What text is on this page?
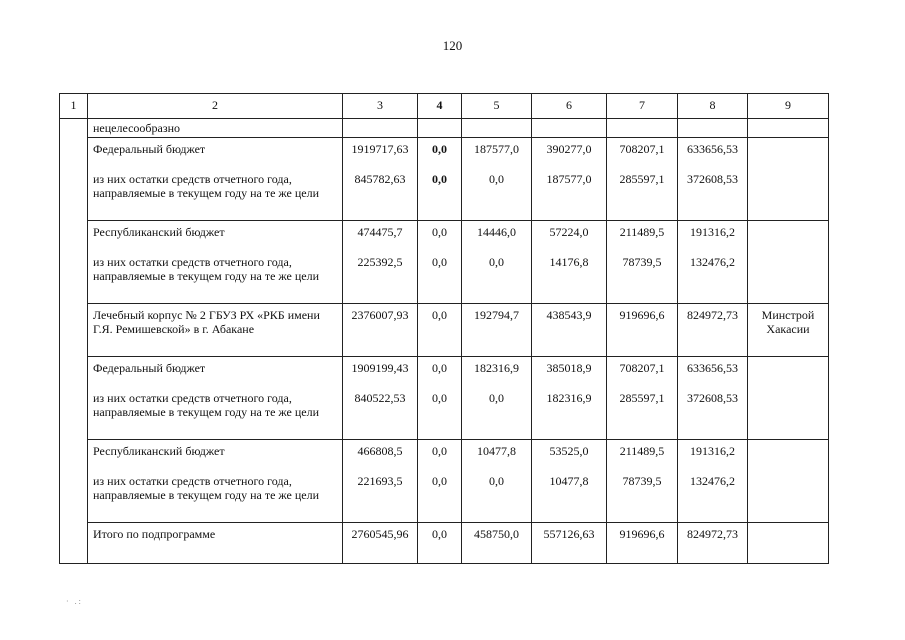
120
1	2	3	4	5	6	7	8	9
	нецелесообразно							
	Федеральный бюджет	1919717,63	0,0	187577,0	390277,0	708207,1	633656,53	
	из них остатки средств отчетного года, направляемые в текущем году на те же цели	845782,63	0,0	0,0	187577,0	285597,1	372608,53	
	Республиканский бюджет	474475,7	0,0	14446,0	57224,0	211489,5	191316,2	
	из них остатки средств отчетного года, направляемые в текущем году на те же цели	225392,5	0,0	0,0	14176,8	78739,5	132476,2	
	Лечебный корпус № 2 ГБУЗ РХ «РКБ имени Г.Я. Ремишевской» в г. Абакане	2376007,93	0,0	192794,7	438543,9	919696,6	824972,73	Минстрой Хакасии
	Федеральный бюджет	1909199,43	0,0	182316,9	385018,9	708207,1	633656,53	
	из них остатки средств отчетного года, направляемые в текущем году на те же цели	840522,53	0,0	0,0	182316,9	285597,1	372608,53	
	Республиканский бюджет	466808,5	0,0	10477,8	53525,0	211489,5	191316,2	
	из них остатки средств отчетного года, направляемые в текущем году на те же цели	221693,5	0,0	0,0	10477,8	78739,5	132476,2	
	Итого по подпрограмме	2760545,96	0,0	458750,0	557126,63	919696,6	824972,73	
· .:
